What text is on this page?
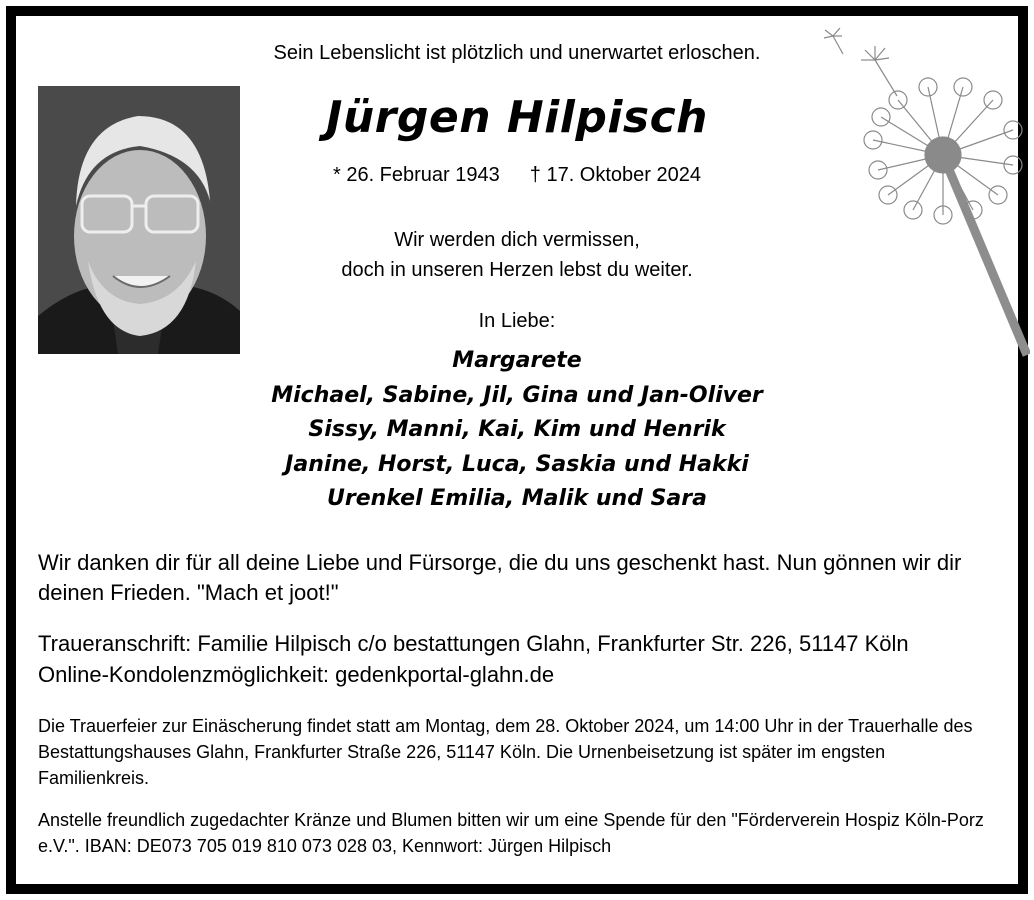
Sein Lebenslicht ist plötzlich und unerwartet erloschen.
Jürgen Hilpisch
* 26. Februar 1943 † 17. Oktober 2024
Wir werden dich vermissen,
doch in unseren Herzen lebst du weiter.
In Liebe:
Margarete
Michael, Sabine, Jil, Gina und Jan-Oliver
Sissy, Manni, Kai, Kim und Henrik
Janine, Horst, Luca, Saskia und Hakki
Urenkel Emilia, Malik und Sara
Wir danken dir für all deine Liebe und Fürsorge, die du uns geschenkt hast. Nun gönnen wir dir deinen Frieden. "Mach et joot!"
Traueranschrift: Familie Hilpisch c/o bestattungen Glahn, Frankfurter Str. 226, 51147 Köln
Online-Kondolenzmöglichkeit: gedenkportal-glahn.de
Die Trauerfeier zur Einäscherung findet statt am Montag, dem 28. Oktober 2024, um 14:00 Uhr in der Trauerhalle des Bestattungshauses Glahn, Frankfurter Straße 226, 51147 Köln. Die Urnenbeisetzung ist später im engsten Familienkreis.
Anstelle freundlich zugedachter Kränze und Blumen bitten wir um eine Spende für den "Förderverein Hospiz Köln-Porz e.V.". IBAN: DE073 705 019 810 073 028 03, Kennwort: Jürgen Hilpisch
